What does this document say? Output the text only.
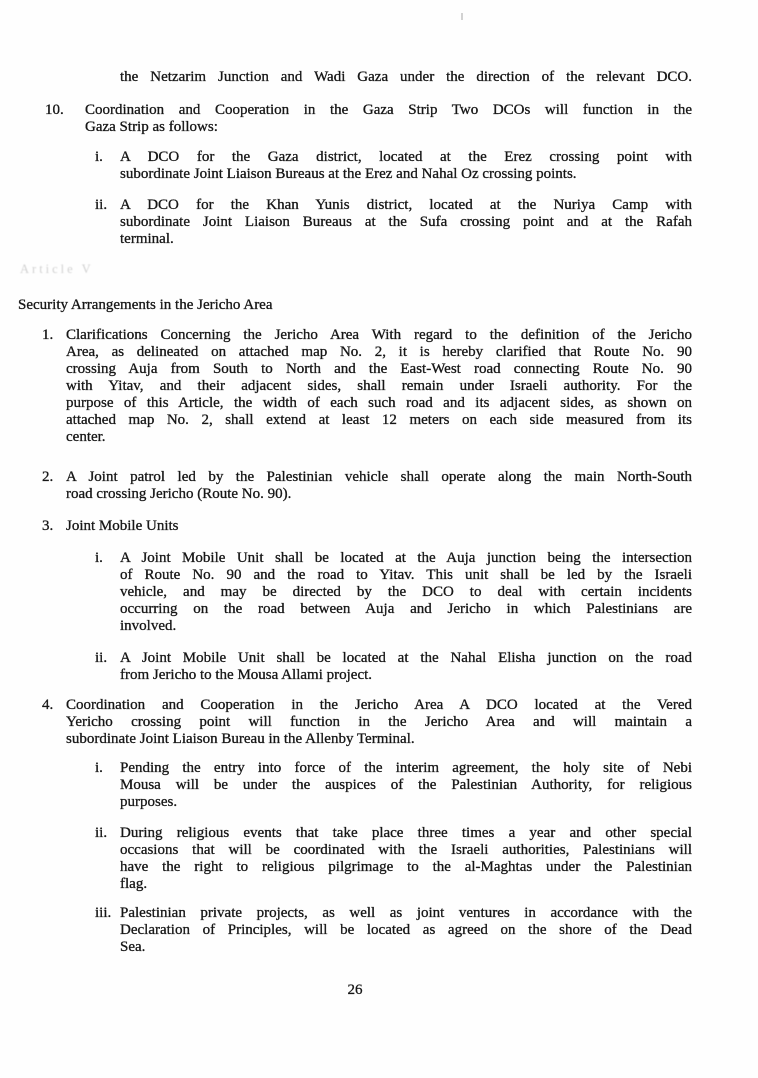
the Netzarim Junction and Wadi Gaza under the direction of the relevant DCO.
10. Coordination and Cooperation in the Gaza Strip Two DCOs will function in the
Gaza Strip as follows:
i. A DCO for the Gaza district, located at the Erez crossing point with
subordinate Joint Liaison Bureaus at the Erez and Nahal Oz crossing points.
ii. A DCO for the Khan Yunis district, located at the Nuriya Camp with
subordinate Joint Liaison Bureaus at the Sufa crossing point and at the Rafah
terminal.
Article V
Security Arrangements in the Jericho Area
1. Clarifications Concerning the Jericho Area With regard to the definition of the Jericho
Area, as delineated on attached map No. 2, it is hereby clarified that Route No. 90
crossing Auja from South to North and the East-West road connecting Route No. 90
with Yitav, and their adjacent sides, shall remain under Israeli authority. For the
purpose of this Article, the width of each such road and its adjacent sides, as shown on
attached map No. 2, shall extend at least 12 meters on each side measured from its
center.
2. A Joint patrol led by the Palestinian vehicle shall operate along the main North-South
road crossing Jericho (Route No. 90).
3. Joint Mobile Units
i. A Joint Mobile Unit shall be located at the Auja junction being the intersection
of Route No. 90 and the road to Yitav. This unit shall be led by the Israeli
vehicle, and may be directed by the DCO to deal with certain incidents
occurring on the road between Auja and Jericho in which Palestinians are
involved.
ii. A Joint Mobile Unit shall be located at the Nahal Elisha junction on the road
from Jericho to the Mousa Allami project.
4. Coordination and Cooperation in the Jericho Area A DCO located at the Vered
Yericho crossing point will function in the Jericho Area and will maintain a
subordinate Joint Liaison Bureau in the Allenby Terminal.
i. Pending the entry into force of the interim agreement, the holy site of Nebi
Mousa will be under the auspices of the Palestinian Authority, for religious
purposes.
ii. During religious events that take place three times a year and other special
occasions that will be coordinated with the Israeli authorities, Palestinians will
have the right to religious pilgrimage to the al-Maghtas under the Palestinian
flag.
iii. Palestinian private projects, as well as joint ventures in accordance with the
Declaration of Principles, will be located as agreed on the shore of the Dead
Sea.
26
